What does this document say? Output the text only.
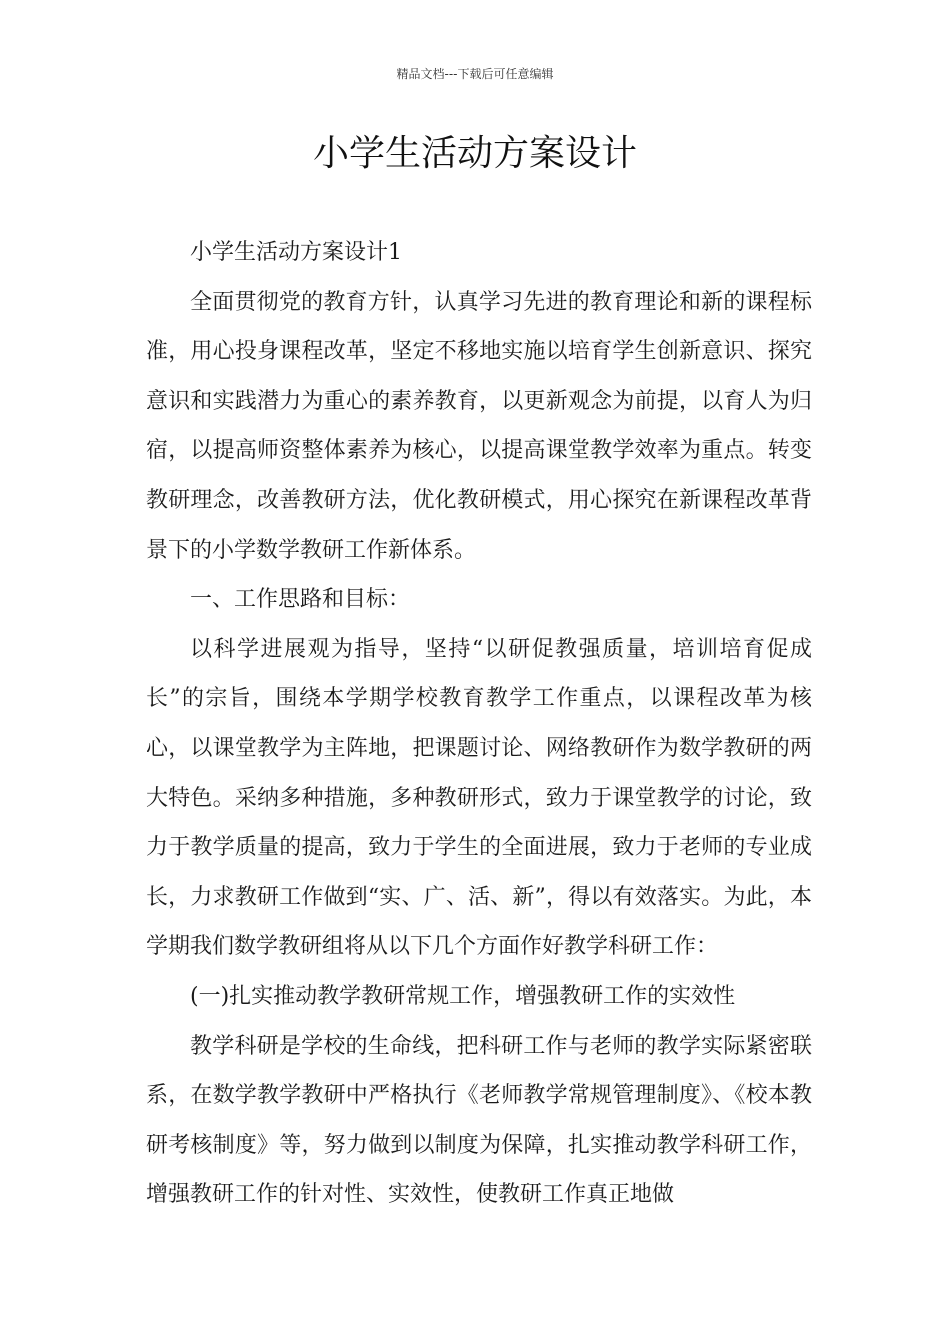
精品文档---下载后可任意编辑
小学生活动方案设计

小学生活动方案设计1

全面贯彻党的教育方针，认真学习先进的教育理论和新的课程标准，用心投身课程改革，坚定不移地实施以培育学生创新意识、探究意识和实践潜力为重心的素养教育，以更新观念为前提，以育人为归宿，以提高师资整体素养为核心，以提高课堂教学效率为重点。转变教研理念，改善教研方法，优化教研模式，用心探究在新课程改革背景下的小学数学教研工作新体系。

一、工作思路和目标：

以科学进展观为指导，坚持“以研促教强质量，培训培育促成长”的宗旨，围绕本学期学校教育教学工作重点，以课程改革为核心，以课堂教学为主阵地，把课题讨论、网络教研作为数学教研的两大特色。采纳多种措施，多种教研形式，致力于课堂教学的讨论，致力于教学质量的提高，致力于学生的全面进展，致力于老师的专业成长，力求教研工作做到“实、广、活、新”，得以有效落实。为此，本学期我们数学教研组将从以下几个方面作好教学科研工作：

(一)扎实推动教学教研常规工作，增强教研工作的实效性

教学科研是学校的生命线，把科研工作与老师的教学实际紧密联系，在数学教学教研中严格执行《老师教学常规管理制度》、《校本教研考核制度》等，努力做到以制度为保障，扎实推动教学科研工作，增强教研工作的针对性、实效性，使教研工作真正地做
